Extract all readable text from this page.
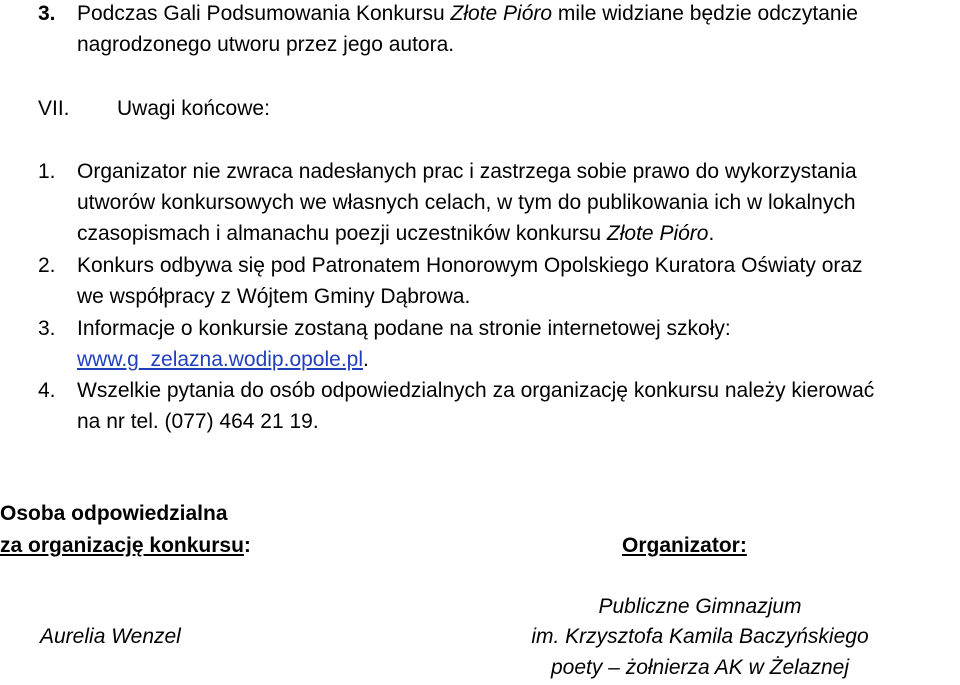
3. Podczas Gali Podsumowania Konkursu Złote Pióro mile widziane będzie odczytanie
nagrodzonego utworu przez jego autora.
VII. Uwagi końcowe:
1. Organizator nie zwraca nadesłanych prac i zastrzega sobie prawo do wykorzystania
utworów konkursowych we własnych celach, w tym do publikowania ich w lokalnych
czasopismach i almanachu poezji uczestników konkursu Złote Pióro.
2. Konkurs odbywa się pod Patronatem Honorowym Opolskiego Kuratora Oświaty oraz
we współpracy z Wójtem Gminy Dąbrowa.
3. Informacje o konkursie zostaną podane na stronie internetowej szkoły:
www.g_zelazna.wodip.opole.pl.
4. Wszelkie pytania do osób odpowiedzialnych za organizację konkursu należy kierować
na nr tel. (077) 464 21 19.
Osoba odpowiedzialna
za organizację konkursu:	Organizator:
Aurelia Wenzel
Publiczne Gimnazjum
im. Krzysztofa Kamila Baczyńskiego
poety – żołnierza AK w Żelaznej
